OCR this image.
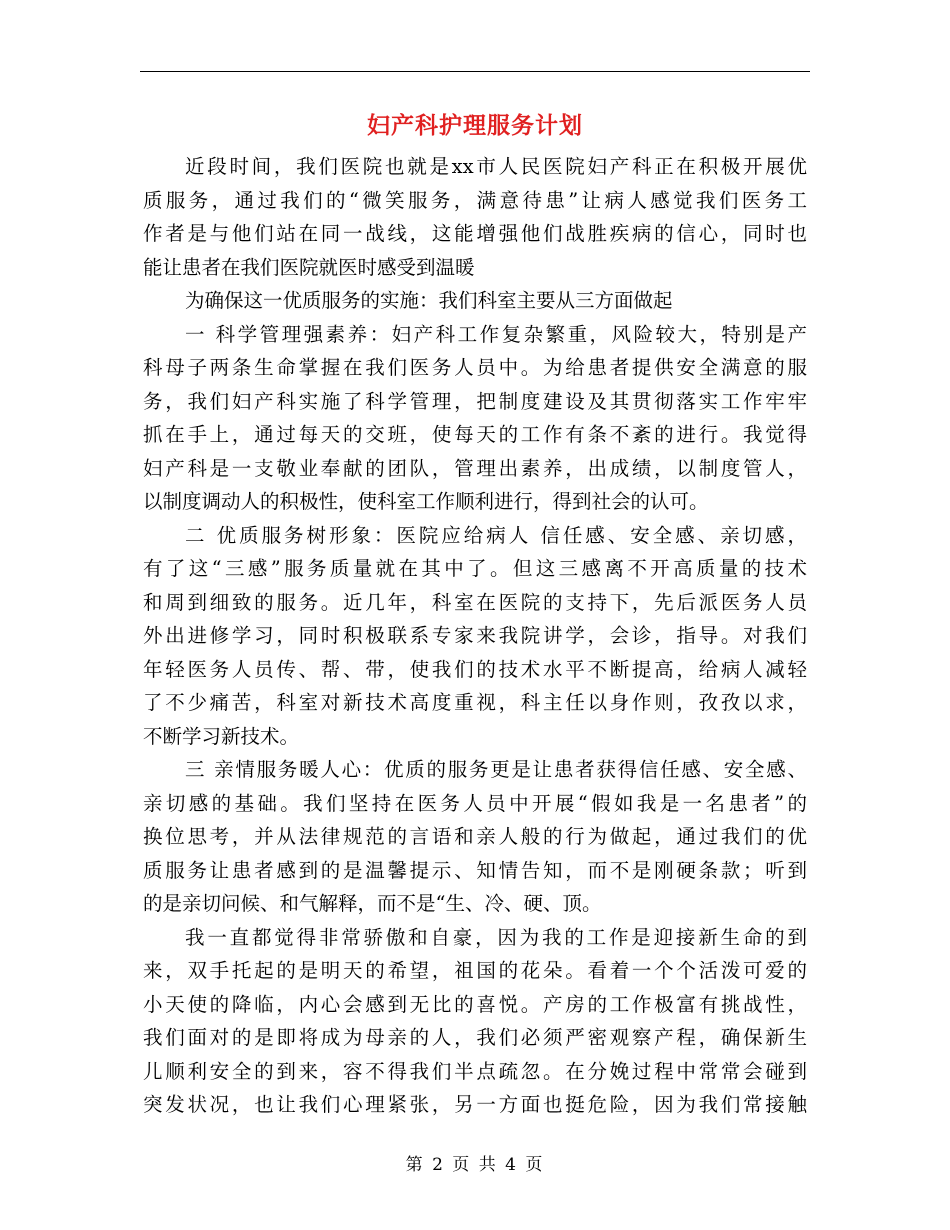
妇产科护理服务计划
近段时间，我们医院也就是xx市人民医院妇产科正在积极开展优
质服务，通过我们的“微笑服务，满意待患”让病人感觉我们医务工
作者是与他们站在同一战线，这能增强他们战胜疾病的信心，同时也
能让患者在我们医院就医时感受到温暖
为确保这一优质服务的实施：我们科室主要从三方面做起
一 科学管理强素养：妇产科工作复杂繁重，风险较大，特别是产
科母子两条生命掌握在我们医务人员中。为给患者提供安全满意的服
务，我们妇产科实施了科学管理，把制度建设及其贯彻落实工作牢牢
抓在手上，通过每天的交班，使每天的工作有条不紊的进行。我觉得
妇产科是一支敬业奉献的团队，管理出素养，出成绩，以制度管人，
以制度调动人的积极性，使科室工作顺利进行，得到社会的认可。
二 优质服务树形象：医院应给病人 信任感、安全感、亲切感，
有了这“三感”服务质量就在其中了。但这三感离不开高质量的技术
和周到细致的服务。近几年，科室在医院的支持下，先后派医务人员
外出进修学习，同时积极联系专家来我院讲学，会诊，指导。对我们
年轻医务人员传、帮、带，使我们的技术水平不断提高，给病人减轻
了不少痛苦，科室对新技术高度重视，科主任以身作则，孜孜以求，
不断学习新技术。
三 亲情服务暖人心：优质的服务更是让患者获得信任感、安全感、
亲切感的基础。我们坚持在医务人员中开展“假如我是一名患者”的
换位思考，并从法律规范的言语和亲人般的行为做起，通过我们的优
质服务让患者感到的是温馨提示、知情告知，而不是刚硬条款；听到
的是亲切问候、和气解释，而不是“生、冷、硬、顶。
我一直都觉得非常骄傲和自豪，因为我的工作是迎接新生命的到
来，双手托起的是明天的希望，祖国的花朵。看着一个个活泼可爱的
小天使的降临，内心会感到无比的喜悦。产房的工作极富有挑战性，
我们面对的是即将成为母亲的人，我们必须严密观察产程，确保新生
儿顺利安全的到来，容不得我们半点疏忽。在分娩过程中常常会碰到
突发状况，也让我们心理紧张，另一方面也挺危险，因为我们常接触
第 2 页 共 4 页
